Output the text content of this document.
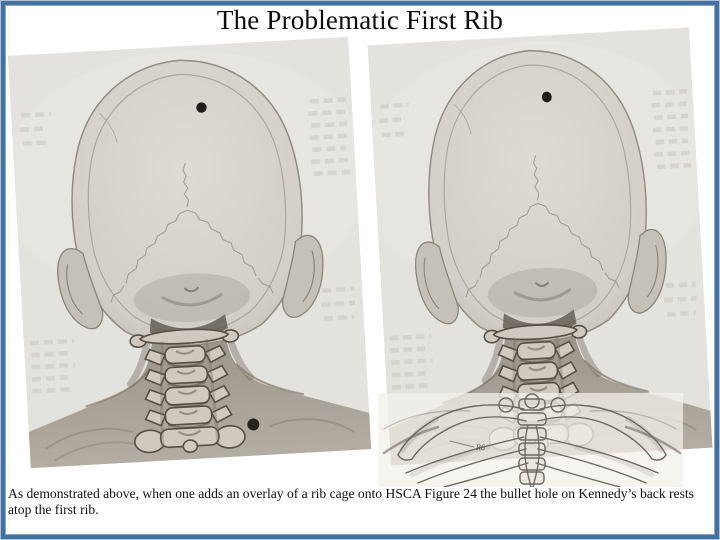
R6
The Problematic First Rib

As demonstrated above, when one adds an overlay of a rib cage onto HSCA Figure 24 the bullet hole on Kennedy’s back rests atop the first rib.
